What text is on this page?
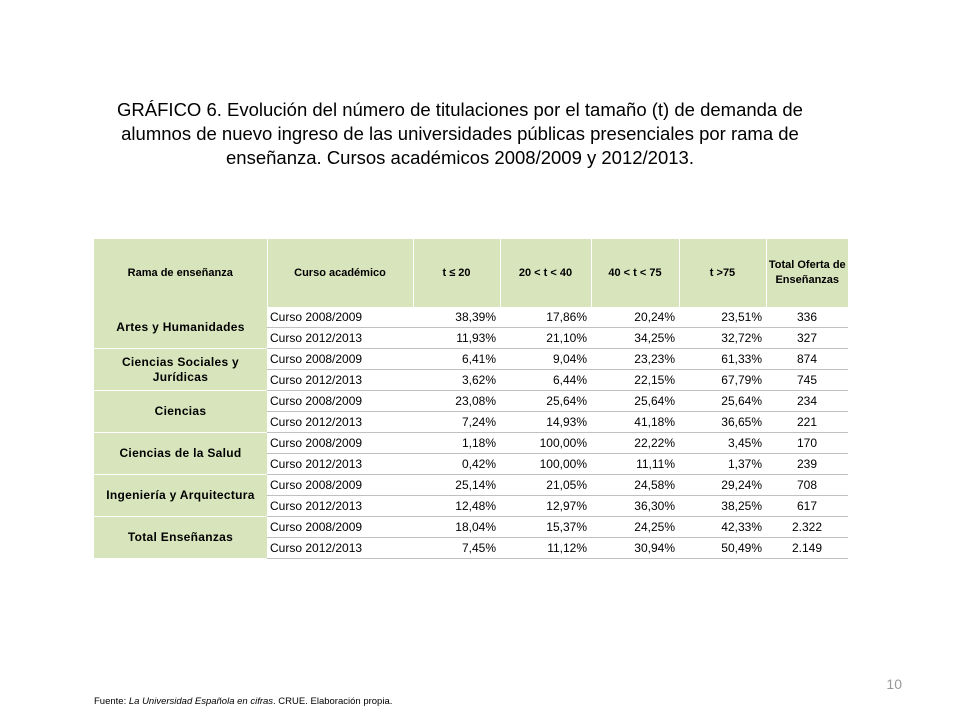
GRÁFICO 6. Evolución del número de titulaciones por el tamaño (t) de demanda de
alumnos de nuevo ingreso de las universidades públicas presenciales por rama de
enseñanza. Cursos académicos 2008/2009 y 2012/2013.
Rama de enseñanza	Curso académico	t ≤ 20	20 < t < 40	40 < t < 75	t >75	Total Oferta de Enseñanzas
Artes y Humanidades	Curso 2008/2009	38,39%	17,86%	20,24%	23,51%	336
	Curso 2012/2013	11,93%	21,10%	34,25%	32,72%	327
Ciencias Sociales y Jurídicas	Curso 2008/2009	6,41%	9,04%	23,23%	61,33%	874
	Curso 2012/2013	3,62%	6,44%	22,15%	67,79%	745
Ciencias	Curso 2008/2009	23,08%	25,64%	25,64%	25,64%	234
	Curso 2012/2013	7,24%	14,93%	41,18%	36,65%	221
Ciencias de la Salud	Curso 2008/2009	1,18%	100,00%	22,22%	3,45%	170
	Curso 2012/2013	0,42%	100,00%	11,11%	1,37%	239
Ingeniería y Arquitectura	Curso 2008/2009	25,14%	21,05%	24,58%	29,24%	708
	Curso 2012/2013	12,48%	12,97%	36,30%	38,25%	617
Total Enseñanzas	Curso 2008/2009	18,04%	15,37%	24,25%	42,33%	2.322
	Curso 2012/2013	7,45%	11,12%	30,94%	50,49%	2.149
Fuente: La Universidad Española en cifras. CRUE. Elaboración propia.
10
